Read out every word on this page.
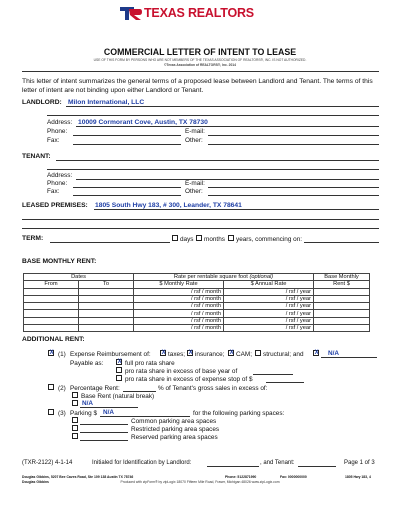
TEXAS REALTORS
COMMERCIAL LETTER OF INTENT TO LEASE
USE OF THIS FORM BY PERSONS WHO ARE NOT MEMBERS OF THE TEXAS ASSOCIATION OF REALTORS®, INC. IS NOT AUTHORIZED.
©Texas Association of REALTORS®, Inc. 2014
This letter of intent summarizes the general terms of a proposed lease between Landlord and Tenant. The terms of this letter of intent are not binding upon either Landlord or Tenant.
LANDLORD: Milon International, LLC
Address: 10009 Cormorant Cove, Austin, TX 78730
Phone:	E-mail:
Fax:	Other:
TENANT:
Address:
Phone:	E-mail:
Fax:	Other:
LEASED PREMISES: 1805 South Hwy 183, # 300, Leander, TX 78641
TERM:	days months years, commencing on:
BASE MONTHLY RENT:
Dates		Rate per rentable square foot (optional)		Base Monthly
From	To	$ Monthly Rate	$ Annual Rate	Rent $
		/ rsf / month	/ rsf / year	
		/ rsf / month	/ rsf / year	
		/ rsf / month	/ rsf / year	
		/ rsf / month	/ rsf / year	
		/ rsf / month	/ rsf / year	
		/ rsf / month	/ rsf / year	
ADDITIONAL RENT:
X
(1) Expense Reimbursement of: X	taxes; X insurance; X CAM; structural; and X	N/A
Payable as: X	full pro rata share
pro rata share in excess of base year of
pro rata share in excess of expense stop of $
(2) Percentage Rent:	% of Tenant's gross sales in excess of:
Base Rent (natural break)
N/A
(3) Parking $ N/A	for the following parking spaces:
Common parking area spaces
Restricted parking area spaces
Reserved parking area spaces
(TXR-2122) 4-1-14	Initialed for Identification by Landlord:	, and Tenant:	Page 1 of 3
Douglas Gibbins, 5207 Bee Caves Road, Ste 109 138 Austin TX 78746	Phone: 5122871990	Fax: 0000000000	1805 Hwy 183, 4
Douglas Gibbins	Produced with zipForm® by zipLogix 18070 Fifteen Mile Road, Fraser, Michigan 48026 www.zipLogix.com
